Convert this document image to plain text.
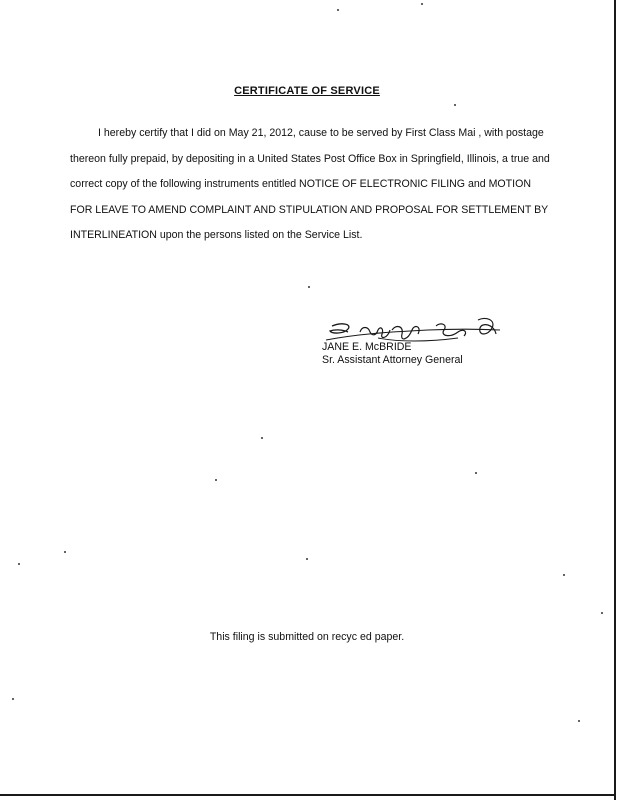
CERTIFICATE OF SERVICE

I hereby certify that I did on May 21, 2012, cause to be served by First Class Mai , with postage thereon fully prepaid, by depositing in a United States Post Office Box in Springfield, Illinois, a true and correct copy of the following instruments entitled NOTICE OF ELECTRONIC FILING and MOTION FOR LEAVE TO AMEND COMPLAINT AND STIPULATION AND PROPOSAL FOR SETTLEMENT BY INTERLINEATION upon the persons listed on the Service List.

JANE E. McBRIDE
Sr. Assistant Attorney General
This filing is submitted on recyc ed paper.
